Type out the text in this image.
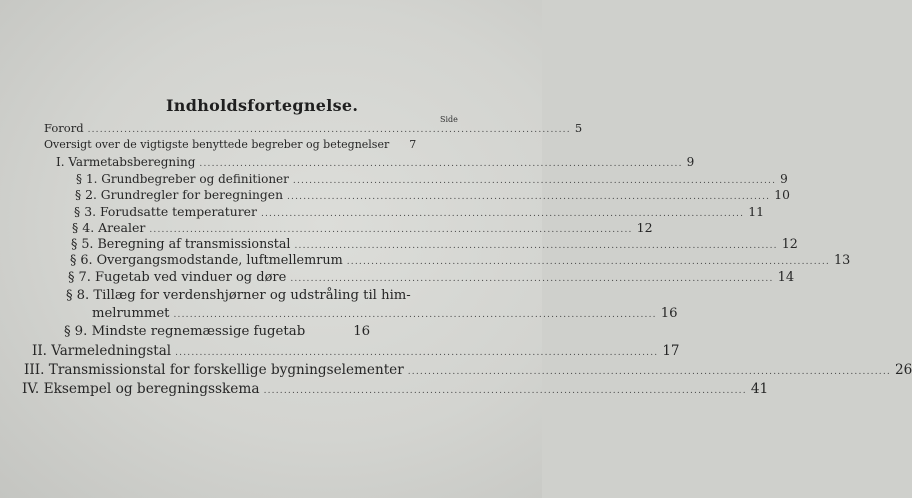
Indholdsfortegnelse.
Side
Forord ....................................................................................................................... 5
Oversigt over de vigtigste benyttede begreber og betegnelser 7
I. Varmetabsberegning ....................................................................................................................... 9
§ 1. Grundbegreber og definitioner ....................................................................................................................... 9
§ 2. Grundregler for beregningen ....................................................................................................................... 10
§ 3. Forudsatte temperaturer ....................................................................................................................... 11
§ 4. Arealer ....................................................................................................................... 12
§ 5. Beregning af transmissionstal ....................................................................................................................... 12
§ 6. Overgangsmodstande, luftmellemrum ....................................................................................................................... 13
§ 7. Fugetab ved vinduer og døre ....................................................................................................................... 14
§ 8. Tillæg for verdenshjørner og udstråling til him-
melrummet ....................................................................................................................... 16
§ 9. Mindste regnemæssige fugetab	16
II. Varmeledningstal ....................................................................................................................... 17
III. Transmissionstal for forskellige bygningselementer ....................................................................................................................... 26
IV. Eksempel og beregningsskema ....................................................................................................................... 41
